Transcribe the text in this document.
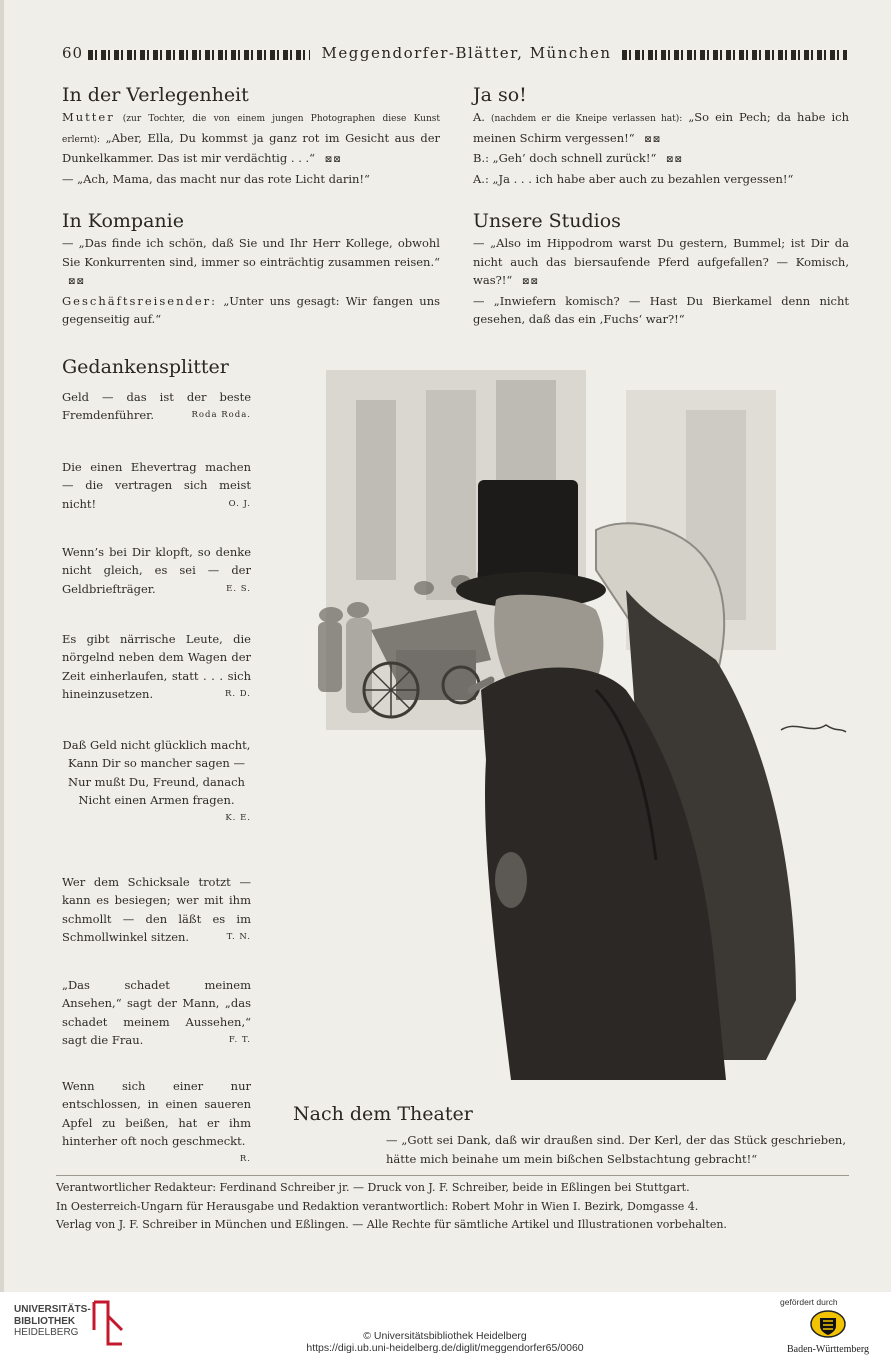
60	Meggendorfer-Blätter, München
In der Verlegenheit

Mutter (zur Tochter, die von einem jungen Photographen diese Kunst erlernt): „Aber, Ella, Du kommst ja ganz rot im Gesicht aus der Dunkelkammer. Das ist mir verdächtig . . .“ ⊠⊠

— „Ach, Mama, das macht nur das rote Licht darin!“

Ja so!

A. (nachdem er die Kneipe verlassen hat): „So ein Pech; da habe ich meinen Schirm vergessen!“ ⊠⊠

B.: „Geh’ doch schnell zurück!“ ⊠⊠

A.: „Ja . . . ich habe aber auch zu bezahlen vergessen!“

In Kompanie

— „Das finde ich schön, daß Sie und Ihr Herr Kollege, obwohl Sie Konkurrenten sind, immer so einträchtig zusammen reisen.“ ⊠⊠

Geschäftsreisender: „Unter uns gesagt: Wir fangen uns gegenseitig auf.“

Unsere Studios

— „Also im Hippodrom warst Du gestern, Bummel; ist Dir da nicht auch das biersaufende Pferd aufgefallen? — Komisch, was?!“ ⊠⊠

— „Inwiefern komisch? — Hast Du Bierkamel denn nicht gesehen, daß das ein ‚Fuchs‘ war?!“

Gedankensplitter

Geld — das ist der beste Fremdenführer.	Roda Roda.

Die einen Ehevertrag machen — die vertragen sich meist nicht!	O. J.

Wenn’s bei Dir klopft, so denke nicht gleich, es sei — der Geldbriefträger.	E. S.

Es gibt närrische Leute, die nörgelnd neben dem Wagen der Zeit einherlaufen, statt . . . sich hineinzusetzen.	R. D.

Daß Geld nicht glücklich macht, Kann Dir so mancher sagen — Nur mußt Du, Freund, danach Nicht einen Armen fragen.

K. E.

Wer dem Schicksale trotzt — kann es besiegen; wer mit ihm schmollt — den läßt es im Schmollwinkel sitzen.	T. N.

„Das schadet meinem Ansehen,“ sagt der Mann, „das schadet meinem Aussehen,“ sagt die Frau.	F. T.

Wenn sich einer nur entschlossen, in einen saueren Apfel zu beißen, hat er ihm hinterher oft noch geschmeckt.

R.

Nach dem Theater
— „Gott sei Dank, daß wir draußen sind. Der Kerl, der das Stück geschrieben, hätte mich beinahe um mein bißchen Selbstachtung gebracht!“

Verantwortlicher Redakteur: Ferdinand Schreiber jr. — Druck von J. F. Schreiber, beide in Eßlingen bei Stuttgart.

In Oesterreich-Ungarn für Herausgabe und Redaktion verantwortlich: Robert Mohr in Wien I. Bezirk, Domgasse 4.

Verlag von J. F. Schreiber in München und Eßlingen. — Alle Rechte für sämtliche Artikel und Illustrationen vorbehalten.

UNIVERSITÄTS-
BIBLIOTHEK
HEIDELBERG	© Universitätsbibliothek Heidelberg
https://digi.ub.uni-heidelberg.de/diglit/meggendorfer65/0060
gefördert durch
Baden-Württemberg
